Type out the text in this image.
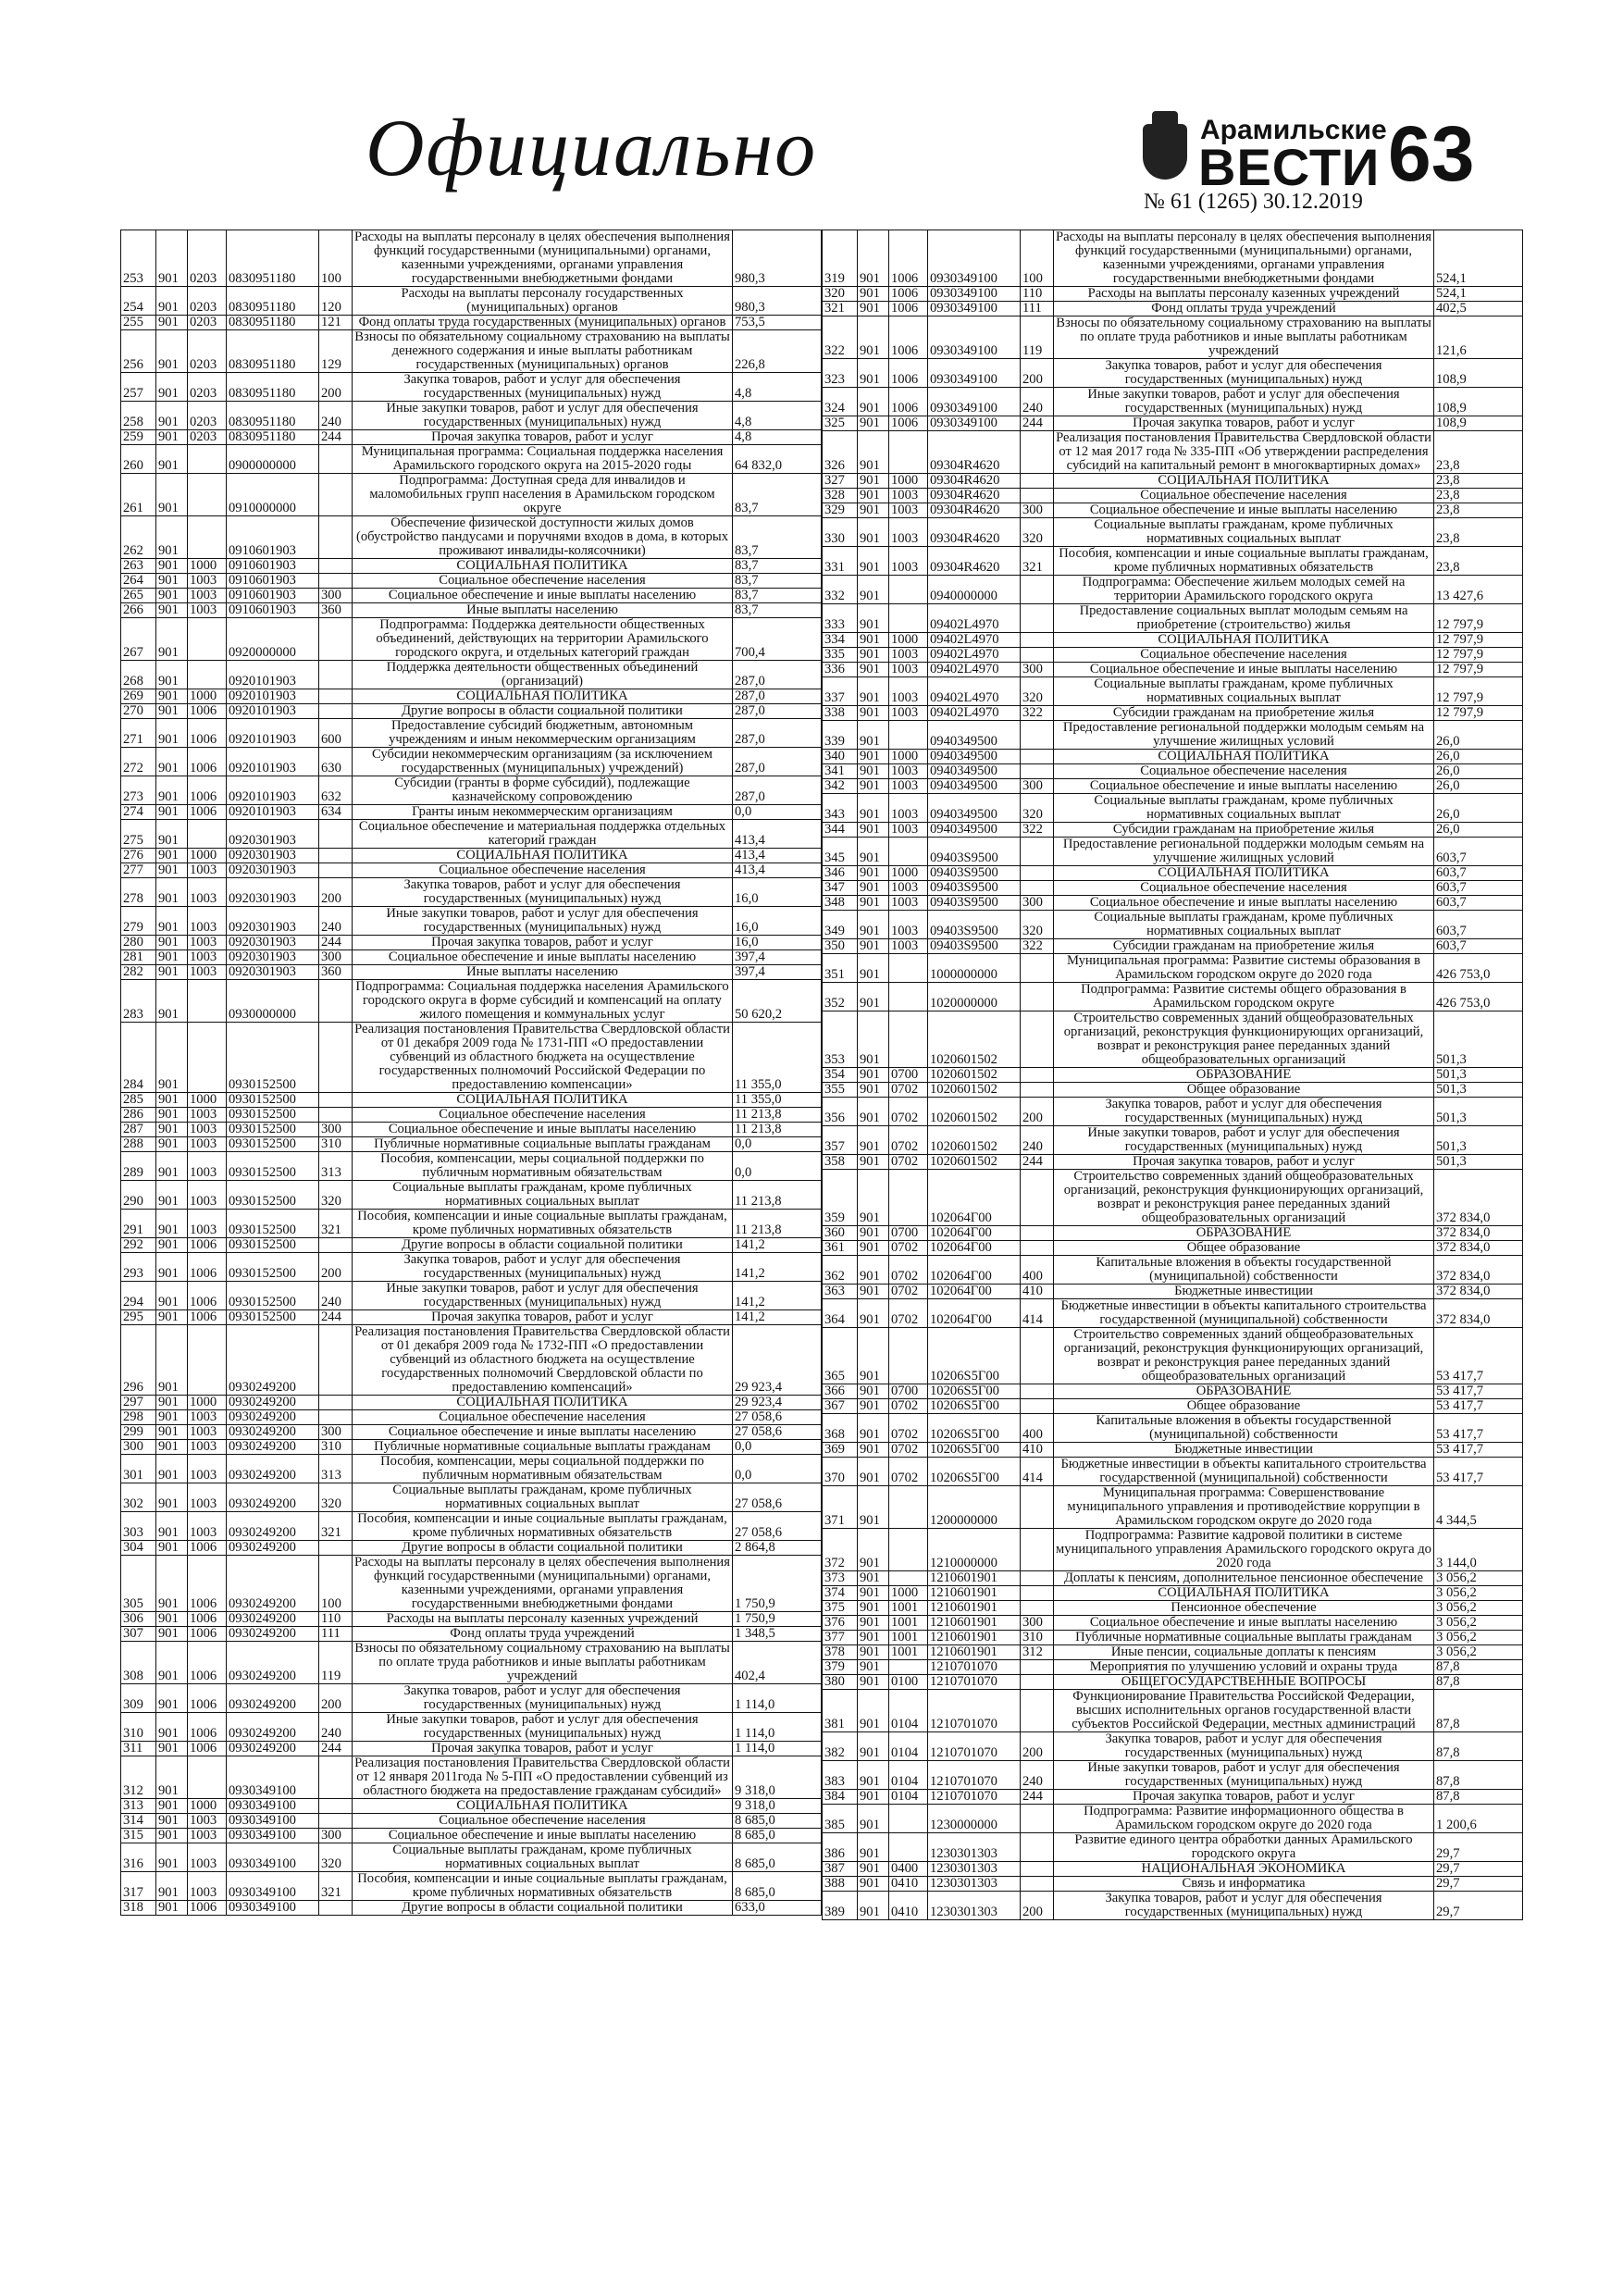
Официально	Арамильские
ВЕСТИ 63
№ 61 (1265) 30.12.2019
253	901	0203	0830951180	100	Расходы на выплаты персоналу в целях обеспечения выполнения функций государственными (муниципальными) органами, казенными учреждениями, органами управления государственными внебюджетными фондами	980,3
254	901	0203	0830951180	120	Расходы на выплаты персоналу государственных (муниципальных) органов	980,3
255	901	0203	0830951180	121	Фонд оплаты труда государственных (муниципальных) органов	753,5
256	901	0203	0830951180	129	Взносы по обязательному социальному страхованию на выплаты денежного содержания и иные выплаты работникам государственных (муниципальных) органов	226,8
257	901	0203	0830951180	200	Закупка товаров, работ и услуг для обеспечения государственных (муниципальных) нужд	4,8
258	901	0203	0830951180	240	Иные закупки товаров, работ и услуг для обеспечения государственных (муниципальных) нужд	4,8
259	901	0203	0830951180	244	Прочая закупка товаров, работ и услуг	4,8
260	901		0900000000		Муниципальная программа: Социальная поддержка населения Арамильского городского округа на 2015-2020 годы	64 832,0
261	901		0910000000		Подпрограмма: Доступная среда для инвалидов и маломобильных групп населения в Арамильском городском округе	83,7
262	901		0910601903		Обеспечение физической доступности жилых домов (обустройство пандусами и поручнями входов в дома, в которых проживают инвалиды-колясочники)	83,7
263	901	1000	0910601903		СОЦИАЛЬНАЯ ПОЛИТИКА	83,7
264	901	1003	0910601903		Социальное обеспечение населения	83,7
265	901	1003	0910601903	300	Социальное обеспечение и иные выплаты населению	83,7
266	901	1003	0910601903	360	Иные выплаты населению	83,7
267	901		0920000000		Подпрограмма: Поддержка деятельности общественных объединений, действующих на территории Арамильского городского округа, и отдельных категорий граждан	700,4
268	901		0920101903		Поддержка деятельности общественных объединений (организаций)	287,0
269	901	1000	0920101903		СОЦИАЛЬНАЯ ПОЛИТИКА	287,0
270	901	1006	0920101903		Другие вопросы в области социальной политики	287,0
271	901	1006	0920101903	600	Предоставление субсидий бюджетным, автономным учреждениям и иным некоммерческим организациям	287,0
272	901	1006	0920101903	630	Субсидии некоммерческим организациям (за исключением государственных (муниципальных) учреждений)	287,0
273	901	1006	0920101903	632	Субсидии (гранты в форме субсидий), подлежащие казначейскому сопровождению	287,0
274	901	1006	0920101903	634	Гранты иным некоммерческим организациям	0,0
275	901		0920301903		Социальное обеспечение и материальная поддержка отдельных категорий граждан	413,4
276	901	1000	0920301903		СОЦИАЛЬНАЯ ПОЛИТИКА	413,4
277	901	1003	0920301903		Социальное обеспечение населения	413,4
278	901	1003	0920301903	200	Закупка товаров, работ и услуг для обеспечения государственных (муниципальных) нужд	16,0
279	901	1003	0920301903	240	Иные закупки товаров, работ и услуг для обеспечения государственных (муниципальных) нужд	16,0
280	901	1003	0920301903	244	Прочая закупка товаров, работ и услуг	16,0
281	901	1003	0920301903	300	Социальное обеспечение и иные выплаты населению	397,4
282	901	1003	0920301903	360	Иные выплаты населению	397,4
283	901		0930000000		Подпрограмма: Социальная поддержка населения Арамильского городского округа в форме субсидий и компенсаций на оплату жилого помещения и коммунальных услуг	50 620,2
284	901		0930152500		Реализация постановления Правительства Свердловской области от 01 декабря 2009 года № 1731-ПП «О предоставлении субвенций из областного бюджета на осуществление государственных полномочий Российской Федерации по предоставлению компенсации»	11 355,0
285	901	1000	0930152500		СОЦИАЛЬНАЯ ПОЛИТИКА	11 355,0
286	901	1003	0930152500		Социальное обеспечение населения	11 213,8
287	901	1003	0930152500	300	Социальное обеспечение и иные выплаты населению	11 213,8
288	901	1003	0930152500	310	Публичные нормативные социальные выплаты гражданам	0,0
289	901	1003	0930152500	313	Пособия, компенсации, меры социальной поддержки по публичным нормативным обязательствам	0,0
290	901	1003	0930152500	320	Социальные выплаты гражданам, кроме публичных нормативных социальных выплат	11 213,8
291	901	1003	0930152500	321	Пособия, компенсации и иные социальные выплаты гражданам, кроме публичных нормативных обязательств	11 213,8
292	901	1006	0930152500		Другие вопросы в области социальной политики	141,2
293	901	1006	0930152500	200	Закупка товаров, работ и услуг для обеспечения государственных (муниципальных) нужд	141,2
294	901	1006	0930152500	240	Иные закупки товаров, работ и услуг для обеспечения государственных (муниципальных) нужд	141,2
295	901	1006	0930152500	244	Прочая закупка товаров, работ и услуг	141,2
296	901		0930249200		Реализация постановления Правительства Свердловской области от 01 декабря 2009 года № 1732-ПП «О предоставлении субвенций из областного бюджета на осуществление государственных полномочий Свердловской области по предоставлению компенсаций»	29 923,4
297	901	1000	0930249200		СОЦИАЛЬНАЯ ПОЛИТИКА	29 923,4
298	901	1003	0930249200		Социальное обеспечение населения	27 058,6
299	901	1003	0930249200	300	Социальное обеспечение и иные выплаты населению	27 058,6
300	901	1003	0930249200	310	Публичные нормативные социальные выплаты гражданам	0,0
301	901	1003	0930249200	313	Пособия, компенсации, меры социальной поддержки по публичным нормативным обязательствам	0,0
302	901	1003	0930249200	320	Социальные выплаты гражданам, кроме публичных нормативных социальных выплат	27 058,6
303	901	1003	0930249200	321	Пособия, компенсации и иные социальные выплаты гражданам, кроме публичных нормативных обязательств	27 058,6
304	901	1006	0930249200		Другие вопросы в области социальной политики	2 864,8
305	901	1006	0930249200	100	Расходы на выплаты персоналу в целях обеспечения выполнения функций государственными (муниципальными) органами, казенными учреждениями, органами управления государственными внебюджетными фондами	1 750,9
306	901	1006	0930249200	110	Расходы на выплаты персоналу казенных учреждений	1 750,9
307	901	1006	0930249200	111	Фонд оплаты труда учреждений	1 348,5
308	901	1006	0930249200	119	Взносы по обязательному социальному страхованию на выплаты по оплате труда работников и иные выплаты работникам учреждений	402,4
309	901	1006	0930249200	200	Закупка товаров, работ и услуг для обеспечения государственных (муниципальных) нужд	1 114,0
310	901	1006	0930249200	240	Иные закупки товаров, работ и услуг для обеспечения государственных (муниципальных) нужд	1 114,0
311	901	1006	0930249200	244	Прочая закупка товаров, работ и услуг	1 114,0
312	901		0930349100		Реализация постановления Правительства Свердловской области от 12 января 2011года № 5-ПП «О предоставлении субвенций из областного бюджета на предоставление гражданам субсидий»	9 318,0
313	901	1000	0930349100		СОЦИАЛЬНАЯ ПОЛИТИКА	9 318,0
314	901	1003	0930349100		Социальное обеспечение населения	8 685,0
315	901	1003	0930349100	300	Социальное обеспечение и иные выплаты населению	8 685,0
316	901	1003	0930349100	320	Социальные выплаты гражданам, кроме публичных нормативных социальных выплат	8 685,0
317	901	1003	0930349100	321	Пособия, компенсации и иные социальные выплаты гражданам, кроме публичных нормативных обязательств	8 685,0
318	901	1006	0930349100		Другие вопросы в области социальной политики	633,0
319	901	1006	0930349100	100	Расходы на выплаты персоналу в целях обеспечения выполнения функций государственными (муниципальными) органами, казенными учреждениями, органами управления государственными внебюджетными фондами	524,1
320	901	1006	0930349100	110	Расходы на выплаты персоналу казенных учреждений	524,1
321	901	1006	0930349100	111	Фонд оплаты труда учреждений	402,5
322	901	1006	0930349100	119	Взносы по обязательному социальному страхованию на выплаты по оплате труда работников и иные выплаты работникам учреждений	121,6
323	901	1006	0930349100	200	Закупка товаров, работ и услуг для обеспечения государственных (муниципальных) нужд	108,9
324	901	1006	0930349100	240	Иные закупки товаров, работ и услуг для обеспечения государственных (муниципальных) нужд	108,9
325	901	1006	0930349100	244	Прочая закупка товаров, работ и услуг	108,9
326	901		09304R4620		Реализация постановления Правительства Свердловской области от 12 мая 2017 года № 335-ПП «Об утверждении распределения субсидий на капитальный ремонт в многоквартирных домах»	23,8
327	901	1000	09304R4620		СОЦИАЛЬНАЯ ПОЛИТИКА	23,8
328	901	1003	09304R4620		Социальное обеспечение населения	23,8
329	901	1003	09304R4620	300	Социальное обеспечение и иные выплаты населению	23,8
330	901	1003	09304R4620	320	Социальные выплаты гражданам, кроме публичных нормативных социальных выплат	23,8
331	901	1003	09304R4620	321	Пособия, компенсации и иные социальные выплаты гражданам, кроме публичных нормативных обязательств	23,8
332	901		0940000000		Подпрограмма: Обеспечение жильем молодых семей на территории Арамильского городского округа	13 427,6
333	901		09402L4970		Предоставление социальных выплат молодым семьям на приобретение (строительство) жилья	12 797,9
334	901	1000	09402L4970		СОЦИАЛЬНАЯ ПОЛИТИКА	12 797,9
335	901	1003	09402L4970		Социальное обеспечение населения	12 797,9
336	901	1003	09402L4970	300	Социальное обеспечение и иные выплаты населению	12 797,9
337	901	1003	09402L4970	320	Социальные выплаты гражданам, кроме публичных нормативных социальных выплат	12 797,9
338	901	1003	09402L4970	322	Субсидии гражданам на приобретение жилья	12 797,9
339	901		0940349500		Предоставление региональной поддержки молодым семьям на улучшение жилищных условий	26,0
340	901	1000	0940349500		СОЦИАЛЬНАЯ ПОЛИТИКА	26,0
341	901	1003	0940349500		Социальное обеспечение населения	26,0
342	901	1003	0940349500	300	Социальное обеспечение и иные выплаты населению	26,0
343	901	1003	0940349500	320	Социальные выплаты гражданам, кроме публичных нормативных социальных выплат	26,0
344	901	1003	0940349500	322	Субсидии гражданам на приобретение жилья	26,0
345	901		09403S9500		Предоставление региональной поддержки молодым семьям на улучшение жилищных условий	603,7
346	901	1000	09403S9500		СОЦИАЛЬНАЯ ПОЛИТИКА	603,7
347	901	1003	09403S9500		Социальное обеспечение населения	603,7
348	901	1003	09403S9500	300	Социальное обеспечение и иные выплаты населению	603,7
349	901	1003	09403S9500	320	Социальные выплаты гражданам, кроме публичных нормативных социальных выплат	603,7
350	901	1003	09403S9500	322	Субсидии гражданам на приобретение жилья	603,7
351	901		1000000000		Муниципальная программа: Развитие системы образования в Арамильском городском округе до 2020 года	426 753,0
352	901		1020000000		Подпрограмма: Развитие системы общего образования в Арамильском городском округе	426 753,0
353	901		1020601502		Строительство современных зданий общеобразовательных организаций, реконструкция функционирующих организаций, возврат и реконструкция ранее переданных зданий общеобразовательных организаций	501,3
354	901	0700	1020601502		ОБРАЗОВАНИЕ	501,3
355	901	0702	1020601502		Общее образование	501,3
356	901	0702	1020601502	200	Закупка товаров, работ и услуг для обеспечения государственных (муниципальных) нужд	501,3
357	901	0702	1020601502	240	Иные закупки товаров, работ и услуг для обеспечения государственных (муниципальных) нужд	501,3
358	901	0702	1020601502	244	Прочая закупка товаров, работ и услуг	501,3
359	901		102064Г00		Строительство современных зданий общеобразовательных организаций, реконструкция функционирующих организаций, возврат и реконструкция ранее переданных зданий общеобразовательных организаций	372 834,0
360	901	0700	102064Г00		ОБРАЗОВАНИЕ	372 834,0
361	901	0702	102064Г00		Общее образование	372 834,0
362	901	0702	102064Г00	400	Капитальные вложения в объекты государственной (муниципальной) собственности	372 834,0
363	901	0702	102064Г00	410	Бюджетные инвестиции	372 834,0
364	901	0702	102064Г00	414	Бюджетные инвестиции в объекты капитального строительства государственной (муниципальной) собственности	372 834,0
365	901		10206S5Г00		Строительство современных зданий общеобразовательных организаций, реконструкция функционирующих организаций, возврат и реконструкция ранее переданных зданий общеобразовательных организаций	53 417,7
366	901	0700	10206S5Г00		ОБРАЗОВАНИЕ	53 417,7
367	901	0702	10206S5Г00		Общее образование	53 417,7
368	901	0702	10206S5Г00	400	Капитальные вложения в объекты государственной (муниципальной) собственности	53 417,7
369	901	0702	10206S5Г00	410	Бюджетные инвестиции	53 417,7
370	901	0702	10206S5Г00	414	Бюджетные инвестиции в объекты капитального строительства государственной (муниципальной) собственности	53 417,7
371	901		1200000000		Муниципальная программа: Совершенствование муниципального управления и противодействие коррупции в Арамильском городском округе до 2020 года	4 344,5
372	901		1210000000		Подпрограмма: Развитие кадровой политики в системе муниципального управления Арамильского городского округа до 2020 года	3 144,0
373	901		1210601901		Доплаты к пенсиям, дополнительное пенсионное обеспечение	3 056,2
374	901	1000	1210601901		СОЦИАЛЬНАЯ ПОЛИТИКА	3 056,2
375	901	1001	1210601901		Пенсионное обеспечение	3 056,2
376	901	1001	1210601901	300	Социальное обеспечение и иные выплаты населению	3 056,2
377	901	1001	1210601901	310	Публичные нормативные социальные выплаты гражданам	3 056,2
378	901	1001	1210601901	312	Иные пенсии, социальные доплаты к пенсиям	3 056,2
379	901		1210701070		Мероприятия по улучшению условий и охраны труда	87,8
380	901	0100	1210701070		ОБЩЕГОСУДАРСТВЕННЫЕ ВОПРОСЫ	87,8
381	901	0104	1210701070		Функционирование Правительства Российской Федерации, высших исполнительных органов государственной власти субъектов Российской Федерации, местных администраций	87,8
382	901	0104	1210701070	200	Закупка товаров, работ и услуг для обеспечения государственных (муниципальных) нужд	87,8
383	901	0104	1210701070	240	Иные закупки товаров, работ и услуг для обеспечения государственных (муниципальных) нужд	87,8
384	901	0104	1210701070	244	Прочая закупка товаров, работ и услуг	87,8
385	901		1230000000		Подпрограмма: Развитие информационного общества в Арамильском городском округе до 2020 года	1 200,6
386	901		1230301303		Развитие единого центра обработки данных Арамильского городского округа	29,7
387	901	0400	1230301303		НАЦИОНАЛЬНАЯ ЭКОНОМИКА	29,7
388	901	0410	1230301303		Связь и информатика	29,7
389	901	0410	1230301303	200	Закупка товаров, работ и услуг для обеспечения государственных (муниципальных) нужд	29,7
